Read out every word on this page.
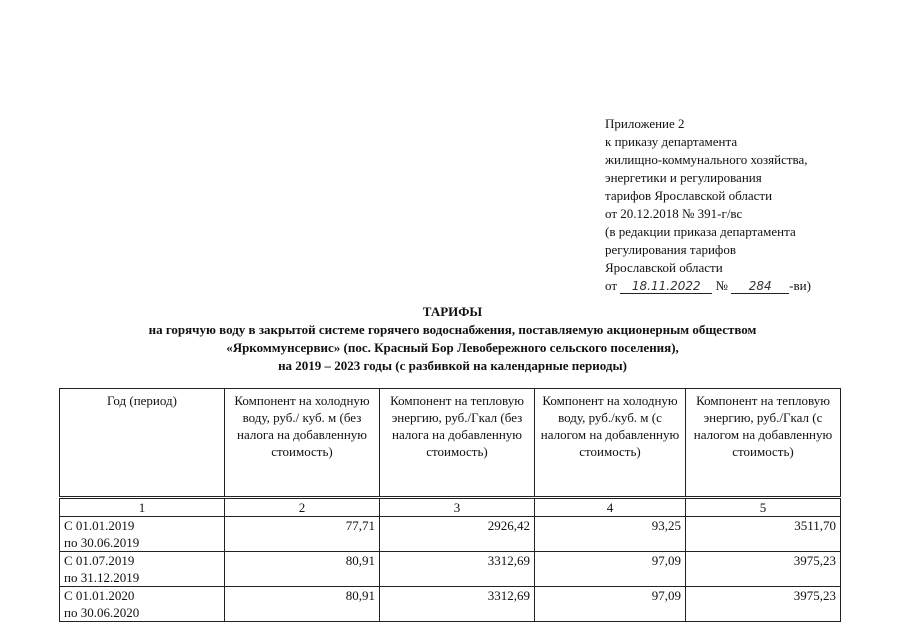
Приложение 2
к приказу департамента
жилищно-коммунального хозяйства,
энергетики и регулирования
тарифов Ярославской области
от 20.12.2018 № 391-г/вс
(в редакции приказа департамента
регулирования тарифов
Ярославской области
от 18.11.2022 № 284 -ви)
ТАРИФЫ
на горячую воду в закрытой системе горячего водоснабжения, поставляемую акционерным обществом
«Яркоммунсервис» (пос. Красный Бор Левобережного сельского поселения),
на 2019 – 2023 годы (с разбивкой на календарные периоды)
Год (период)	Компонент на холодную воду, руб./ куб. м (без налога на добавленную стоимость)	Компонент на тепловую энергию, руб./Гкал (без налога на добавленную стоимость)	Компонент на холодную воду, руб./куб. м (с налогом на добавленную стоимость)	Компонент на тепловую энергию, руб./Гкал (с налогом на добавленную стоимость)
1	2	3	4	5

С 01.01.2019
по 30.06.2019	77,71	2926,42	93,25	3511,70

С 01.07.2019
по 31.12.2019	80,91	3312,69	97,09	3975,23

С 01.01.2020
по 30.06.2020	80,91	3312,69	97,09	3975,23
